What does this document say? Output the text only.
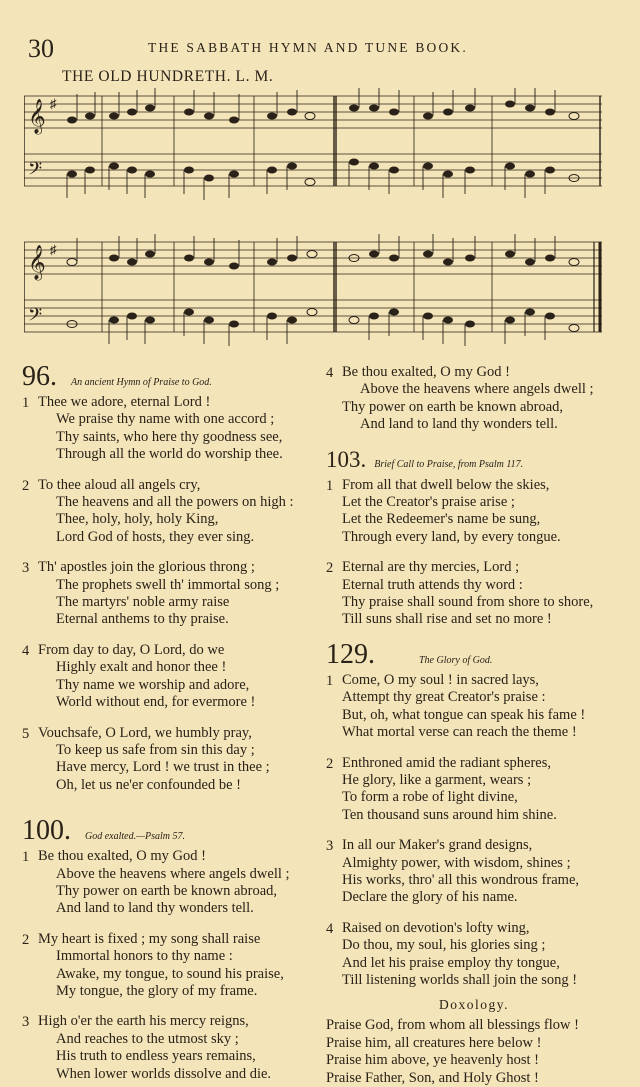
30	THE SABBATH HYMN AND TUNE BOOK.
THE OLD HUNDRETH. L. M.
𝄞
𝄢
♯
𝄞
𝄢
♯
96. An ancient Hymn of Praise to God.
1 Thee we adore, eternal Lord !
We praise thy name with one accord ;
Thy saints, who here thy goodness see,
Through all the world do worship thee.
2 To thee aloud all angels cry,
The heavens and all the powers on high :
Thee, holy, holy, holy King,
Lord God of hosts, they ever sing.
3 Th' apostles join the glorious throng ;
The prophets swell th' immortal song ;
The martyrs' noble army raise
Eternal anthems to thy praise.
4 From day to day, O Lord, do we
Highly exalt and honor thee !
Thy name we worship and adore,
World without end, for evermore !
5 Vouchsafe, O Lord, we humbly pray,
To keep us safe from sin this day ;
Have mercy, Lord ! we trust in thee ;
Oh, let us ne'er confounded be !
100. God exalted.—Psalm 57.
1 Be thou exalted, O my God !
Above the heavens where angels dwell ;
Thy power on earth be known abroad,
And land to land thy wonders tell.
2 My heart is fixed ; my song shall raise
Immortal honors to thy name :
Awake, my tongue, to sound his praise,
My tongue, the glory of my frame.
3 High o'er the earth his mercy reigns,
And reaches to the utmost sky ;
His truth to endless years remains,
When lower worlds dissolve and die.
4 Be thou exalted, O my God !
Above the heavens where angels dwell ;
Thy power on earth be known abroad,
And land to land thy wonders tell.
103. Brief Call to Praise, from Psalm 117.
1 From all that dwell below the skies,
Let the Creator's praise arise ;
Let the Redeemer's name be sung,
Through every land, by every tongue.
2 Eternal are thy mercies, Lord ;
Eternal truth attends thy word :
Thy praise shall sound from shore to shore,
Till suns shall rise and set no more !
129.	The Glory of God.
1 Come, O my soul ! in sacred lays,
Attempt thy great Creator's praise :
But, oh, what tongue can speak his fame !
What mortal verse can reach the theme !
2 Enthroned amid the radiant spheres,
He glory, like a garment, wears ;
To form a robe of light divine,
Ten thousand suns around him shine.
3 In all our Maker's grand designs,
Almighty power, with wisdom, shines ;
His works, thro' all this wondrous frame,
Declare the glory of his name.
4 Raised on devotion's lofty wing,
Do thou, my soul, his glories sing ;
And let his praise employ thy tongue,
Till listening worlds shall join the song !
Doxology.
Praise God, from whom all blessings flow !
Praise him, all creatures here below !
Praise him above, ye heavenly host !
Praise Father, Son, and Holy Ghost !
